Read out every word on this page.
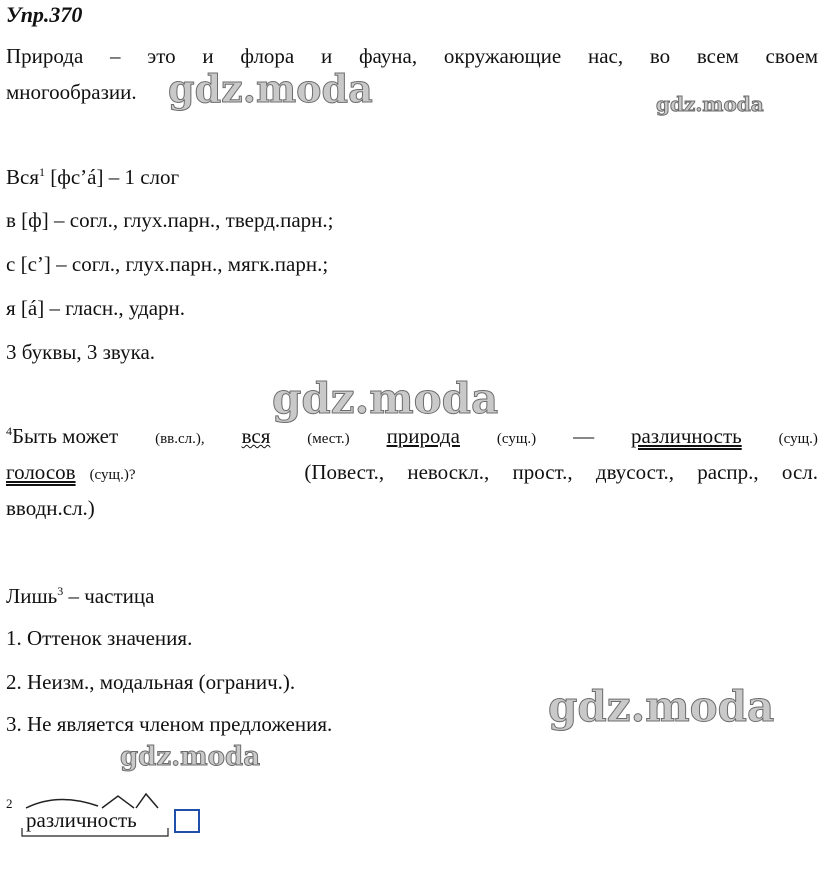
Упр.370
Природа – это и флора и фауна, окружающие нас, во всем своем
многообразии. gdz.moda	gdz.moda
gdz.moda
gdz.moda
gdz.moda
Вся$^1$ [фс’á] – 1 слог
в [ф] – согл., глух.парн., тверд.парн.;
с [с’] – согл., глух.парн., мягк.парн.;
я [á] – гласн., ударн.
3 буквы, 3 звука.
$^4$Быть может (вв.сл.), вся (мест.) природа (сущ.) — различность (сущ.)
голосов (сущ.)?	(Повест., невоскл., прост., двусост., распр., осл.
вводн.сл.)
Лишь$^3$ – частица
1. Оттенок значения.
2. Неизм., модальная (огранич.).
3. Не является членом предложения.
2
различность
